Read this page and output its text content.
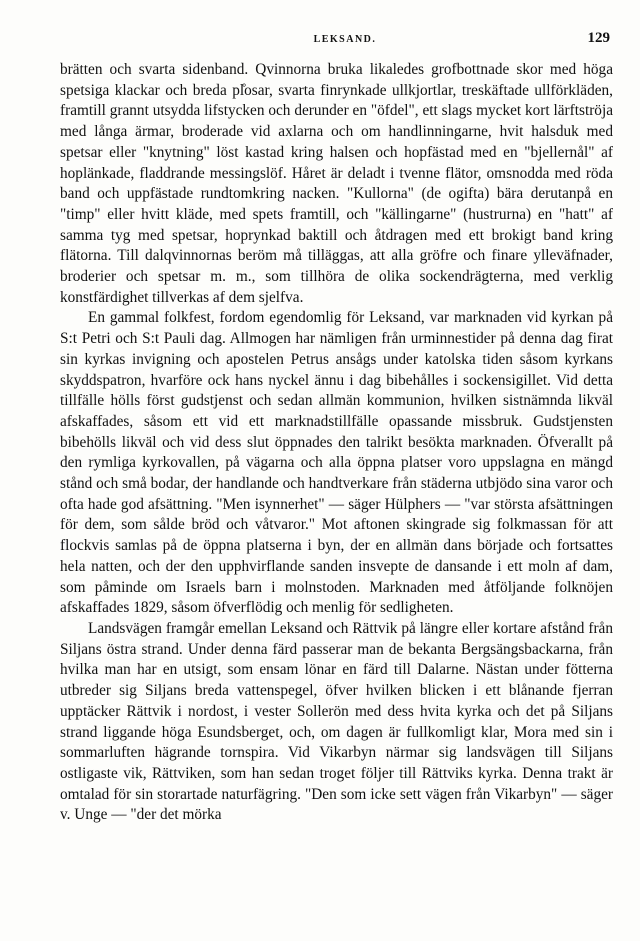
LEKSAND.	129

brätten och svarta sidenband. Qvinnorna bruka likaledes grofbottnade skor med höga spetsiga klackar och breda pl̊osar, svarta finrynkade ullkjortlar, treskäftade ullförkläden, framtill grannt utsydda lifstycken och derunder en "öfdel", ett slags mycket kort lärftströja med långa ärmar, broderade vid axlarna och om handlinningarne, hvit halsduk med spetsar eller "knytning" löst kastad kring halsen och hopfästad med en "bjellernål" af hoplänkade, fladdrande messingslöf. Håret är deladt i tvenne flätor, omsnodda med röda band och uppfästade rundtomkring nacken. "Kullorna" (de ogifta) bära derutanpå en "timp" eller hvitt kläde, med spets framtill, och "källingarne" (hustrurna) en "hatt" af samma tyg med spetsar, hoprynkad baktill och åtdragen med ett brokigt band kring flätorna. Till dalqvinnornas beröm må tilläggas, att alla gröfre och finare ylleväfnader, broderier och spetsar m. m., som tillhöra de olika sockendrägterna, med verklig konstfärdighet tillverkas af dem sjelfva.

En gammal folkfest, fordom egendomlig för Leksand, var marknaden vid kyrkan på S:t Petri och S:t Pauli dag. Allmogen har nämligen från urminnestider på denna dag firat sin kyrkas invigning och apostelen Petrus ansågs under katolska tiden såsom kyrkans skyddspatron, hvarföre ock hans nyckel ännu i dag bibehålles i sockensigillet. Vid detta tillfälle hölls först gudstjenst och sedan allmän kommunion, hvilken sistnämnda likväl afskaffades, såsom ett vid ett marknadstillfälle opassande missbruk. Gudstjensten bibehölls likväl och vid dess slut öppnades den talrikt besökta marknaden. Öfverallt på den rymliga kyrkovallen, på vägarna och alla öppna platser voro uppslagna en mängd stånd och små bodar, der handlande och handtverkare från städerna utbjödo sina varor och ofta hade god afsättning. "Men isynnerhet" — säger Hülphers — "var största afsättningen för dem, som sålde bröd och våtvaror." Mot aftonen skingrade sig folkmassan för att flockvis samlas på de öppna platserna i byn, der en allmän dans började och fortsattes hela natten, och der den upphvirflande sanden insvepte de dansande i ett moln af dam, som påminde om Israels barn i molnstoden. Marknaden med åtföljande folknöjen afskaffades 1829, såsom öfverflödig och menlig för sedligheten.

Landsvägen framgår emellan Leksand och Rättvik på längre eller kortare afstånd från Siljans östra strand. Under denna färd passerar man de bekanta Bergsängsbackarna, från hvilka man har en utsigt, som ensam lönar en färd till Dalarne. Nästan under fötterna utbreder sig Siljans breda vattenspegel, öfver hvilken blicken i ett blånande fjerran upptäcker Rättvik i nordost, i vester Sollerön med dess hvita kyrka och det på Siljans strand liggande höga Esundsberget, och, om dagen är fullkomligt klar, Mora med sin i sommarluften hägrande tornspira. Vid Vikarbyn närmar sig landsvägen till Siljans ostligaste vik, Rättviken, som han sedan troget följer till Rättviks kyrka. Denna trakt är omtalad för sin storartade naturfägring. "Den som icke sett vägen från Vikarbyn" — säger v. Unge — "der det mörka
